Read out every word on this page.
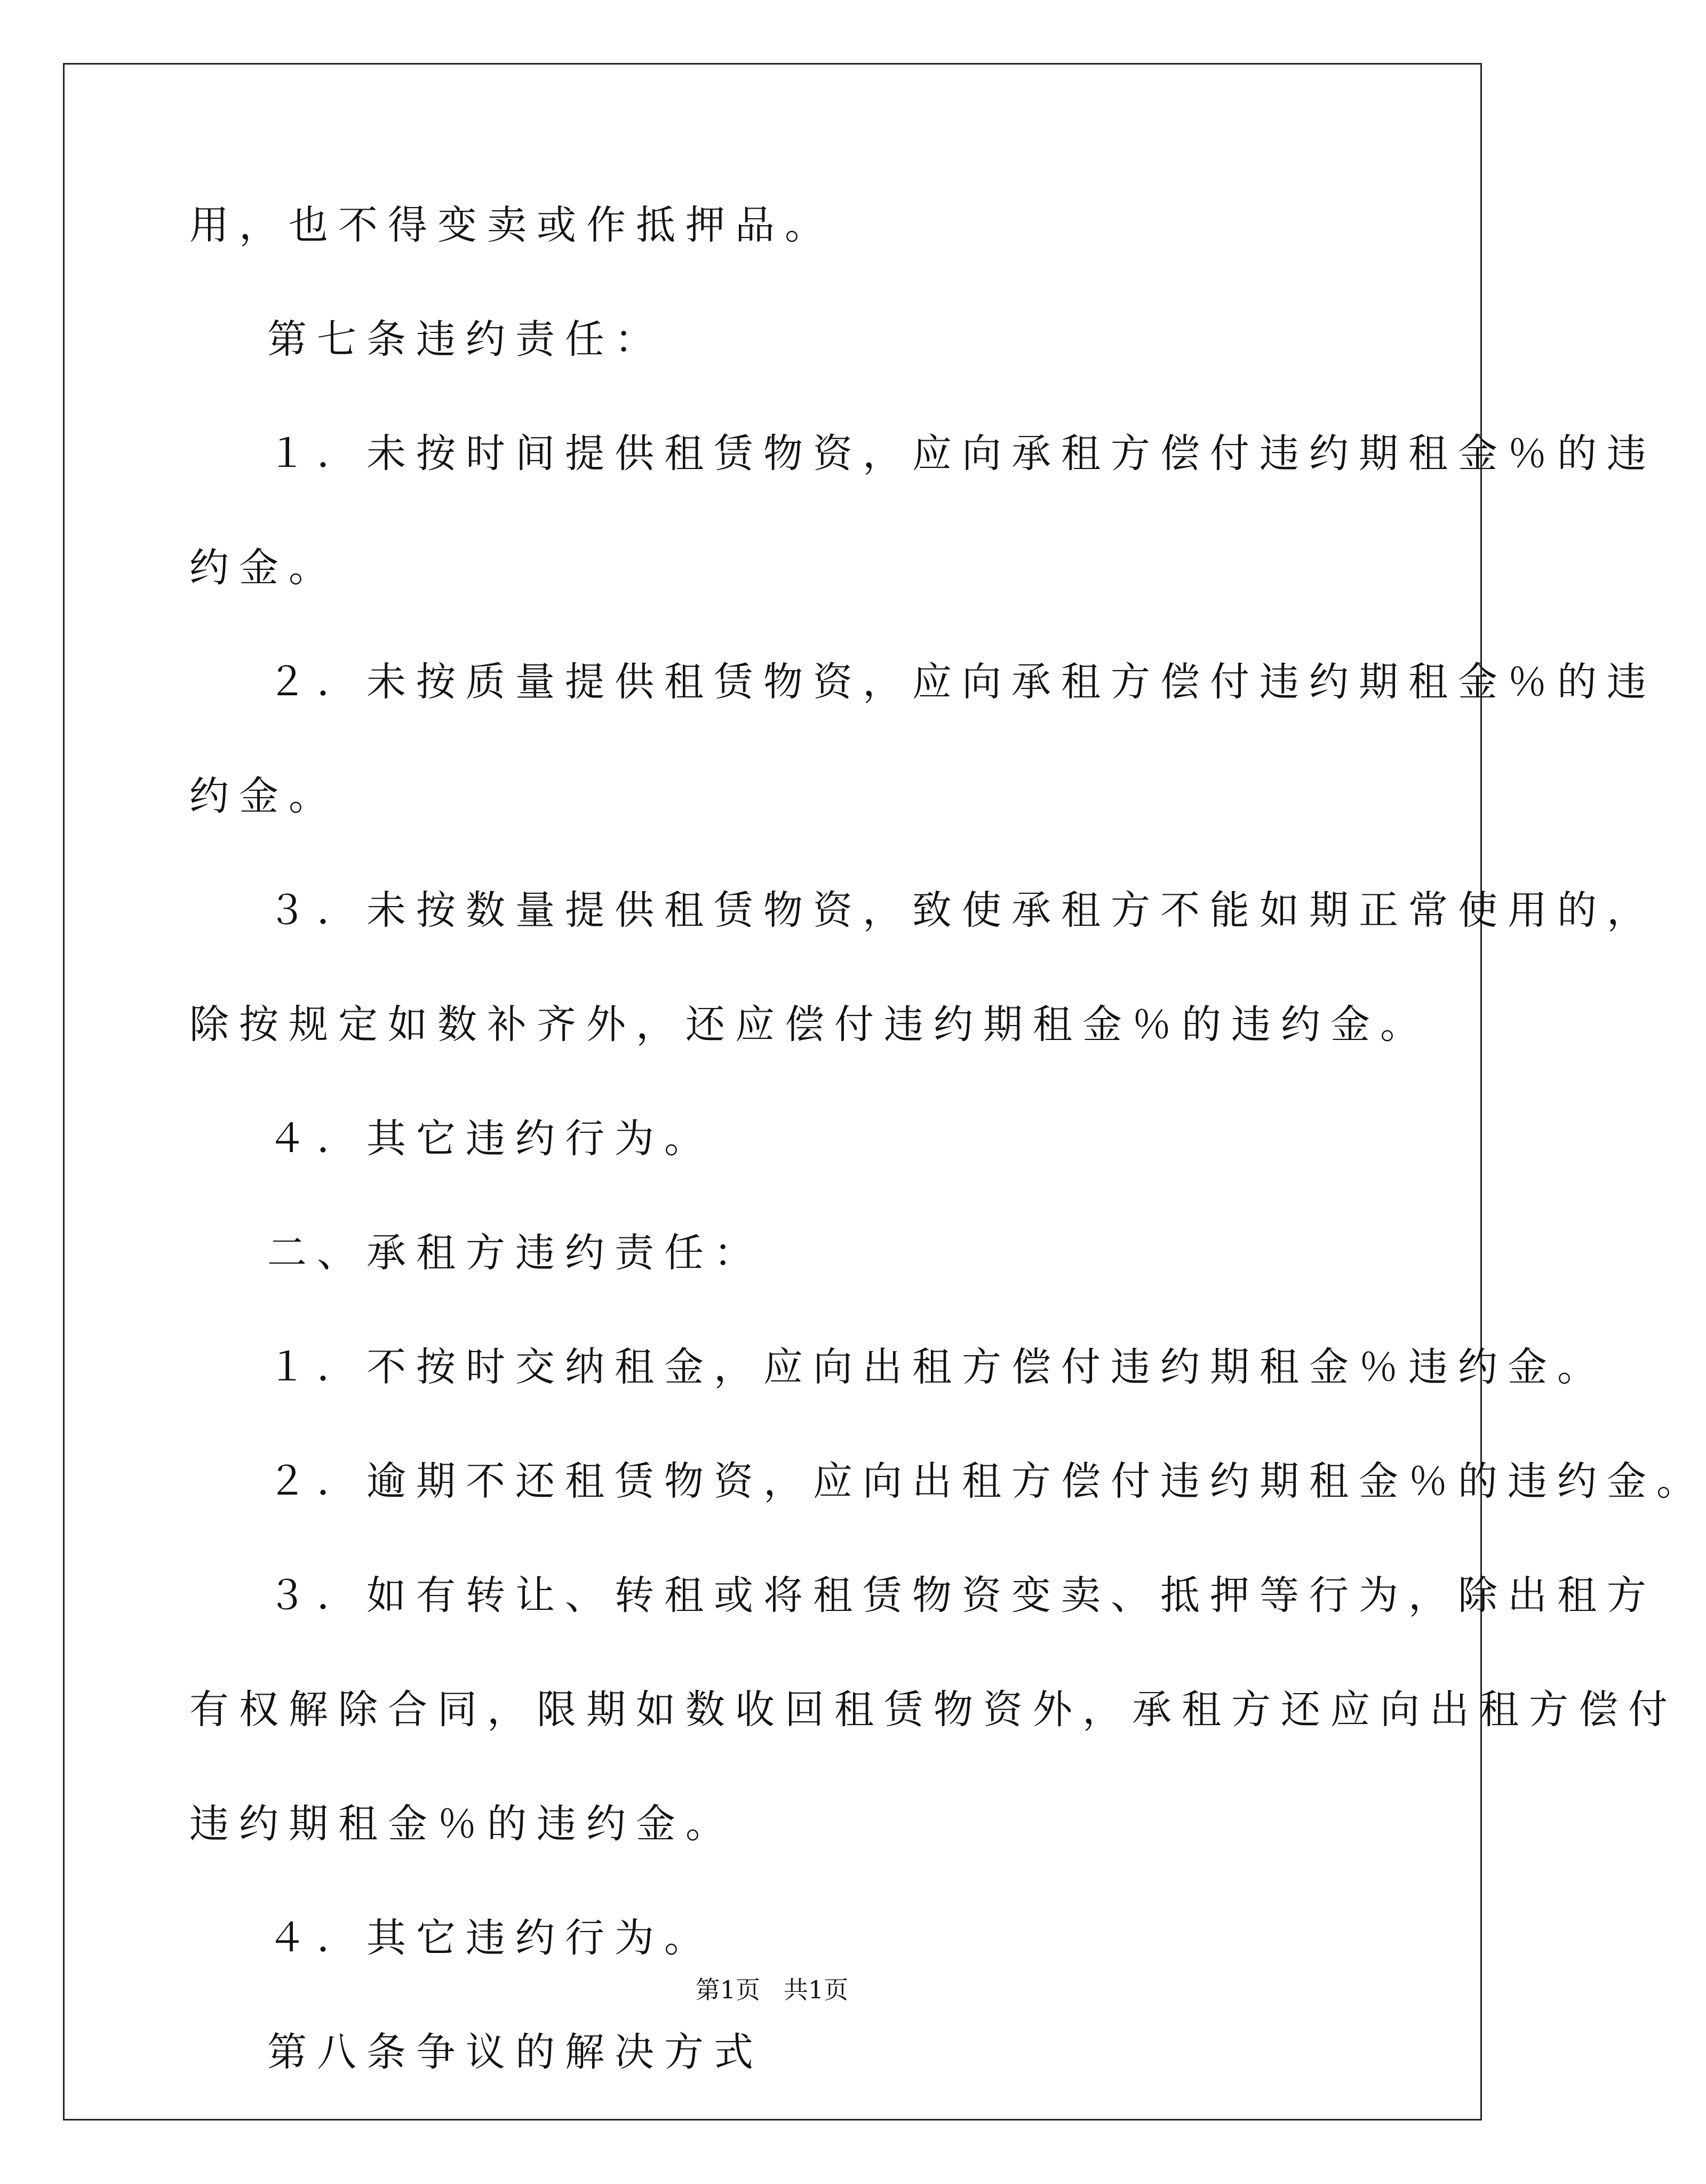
用，也不得变卖或作抵押品。

第七条违约责任：

１．未按时间提供租赁物资，应向承租方偿付违约期租金％的违

约金。

２．未按质量提供租赁物资，应向承租方偿付违约期租金％的违

约金。

３．未按数量提供租赁物资，致使承租方不能如期正常使用的，

除按规定如数补齐外，还应偿付违约期租金％的违约金。

４．其它违约行为。

二、承租方违约责任：

１．不按时交纳租金，应向出租方偿付违约期租金％违约金。

２．逾期不还租赁物资，应向出租方偿付违约期租金％的违约金。

３．如有转让、转租或将租赁物资变卖、抵押等行为，除出租方

有权解除合同，限期如数收回租赁物资外，承租方还应向出租方偿付

违约期租金％的违约金。

４．其它违约行为。

第八条争议的解决方式

第1页   共1页
